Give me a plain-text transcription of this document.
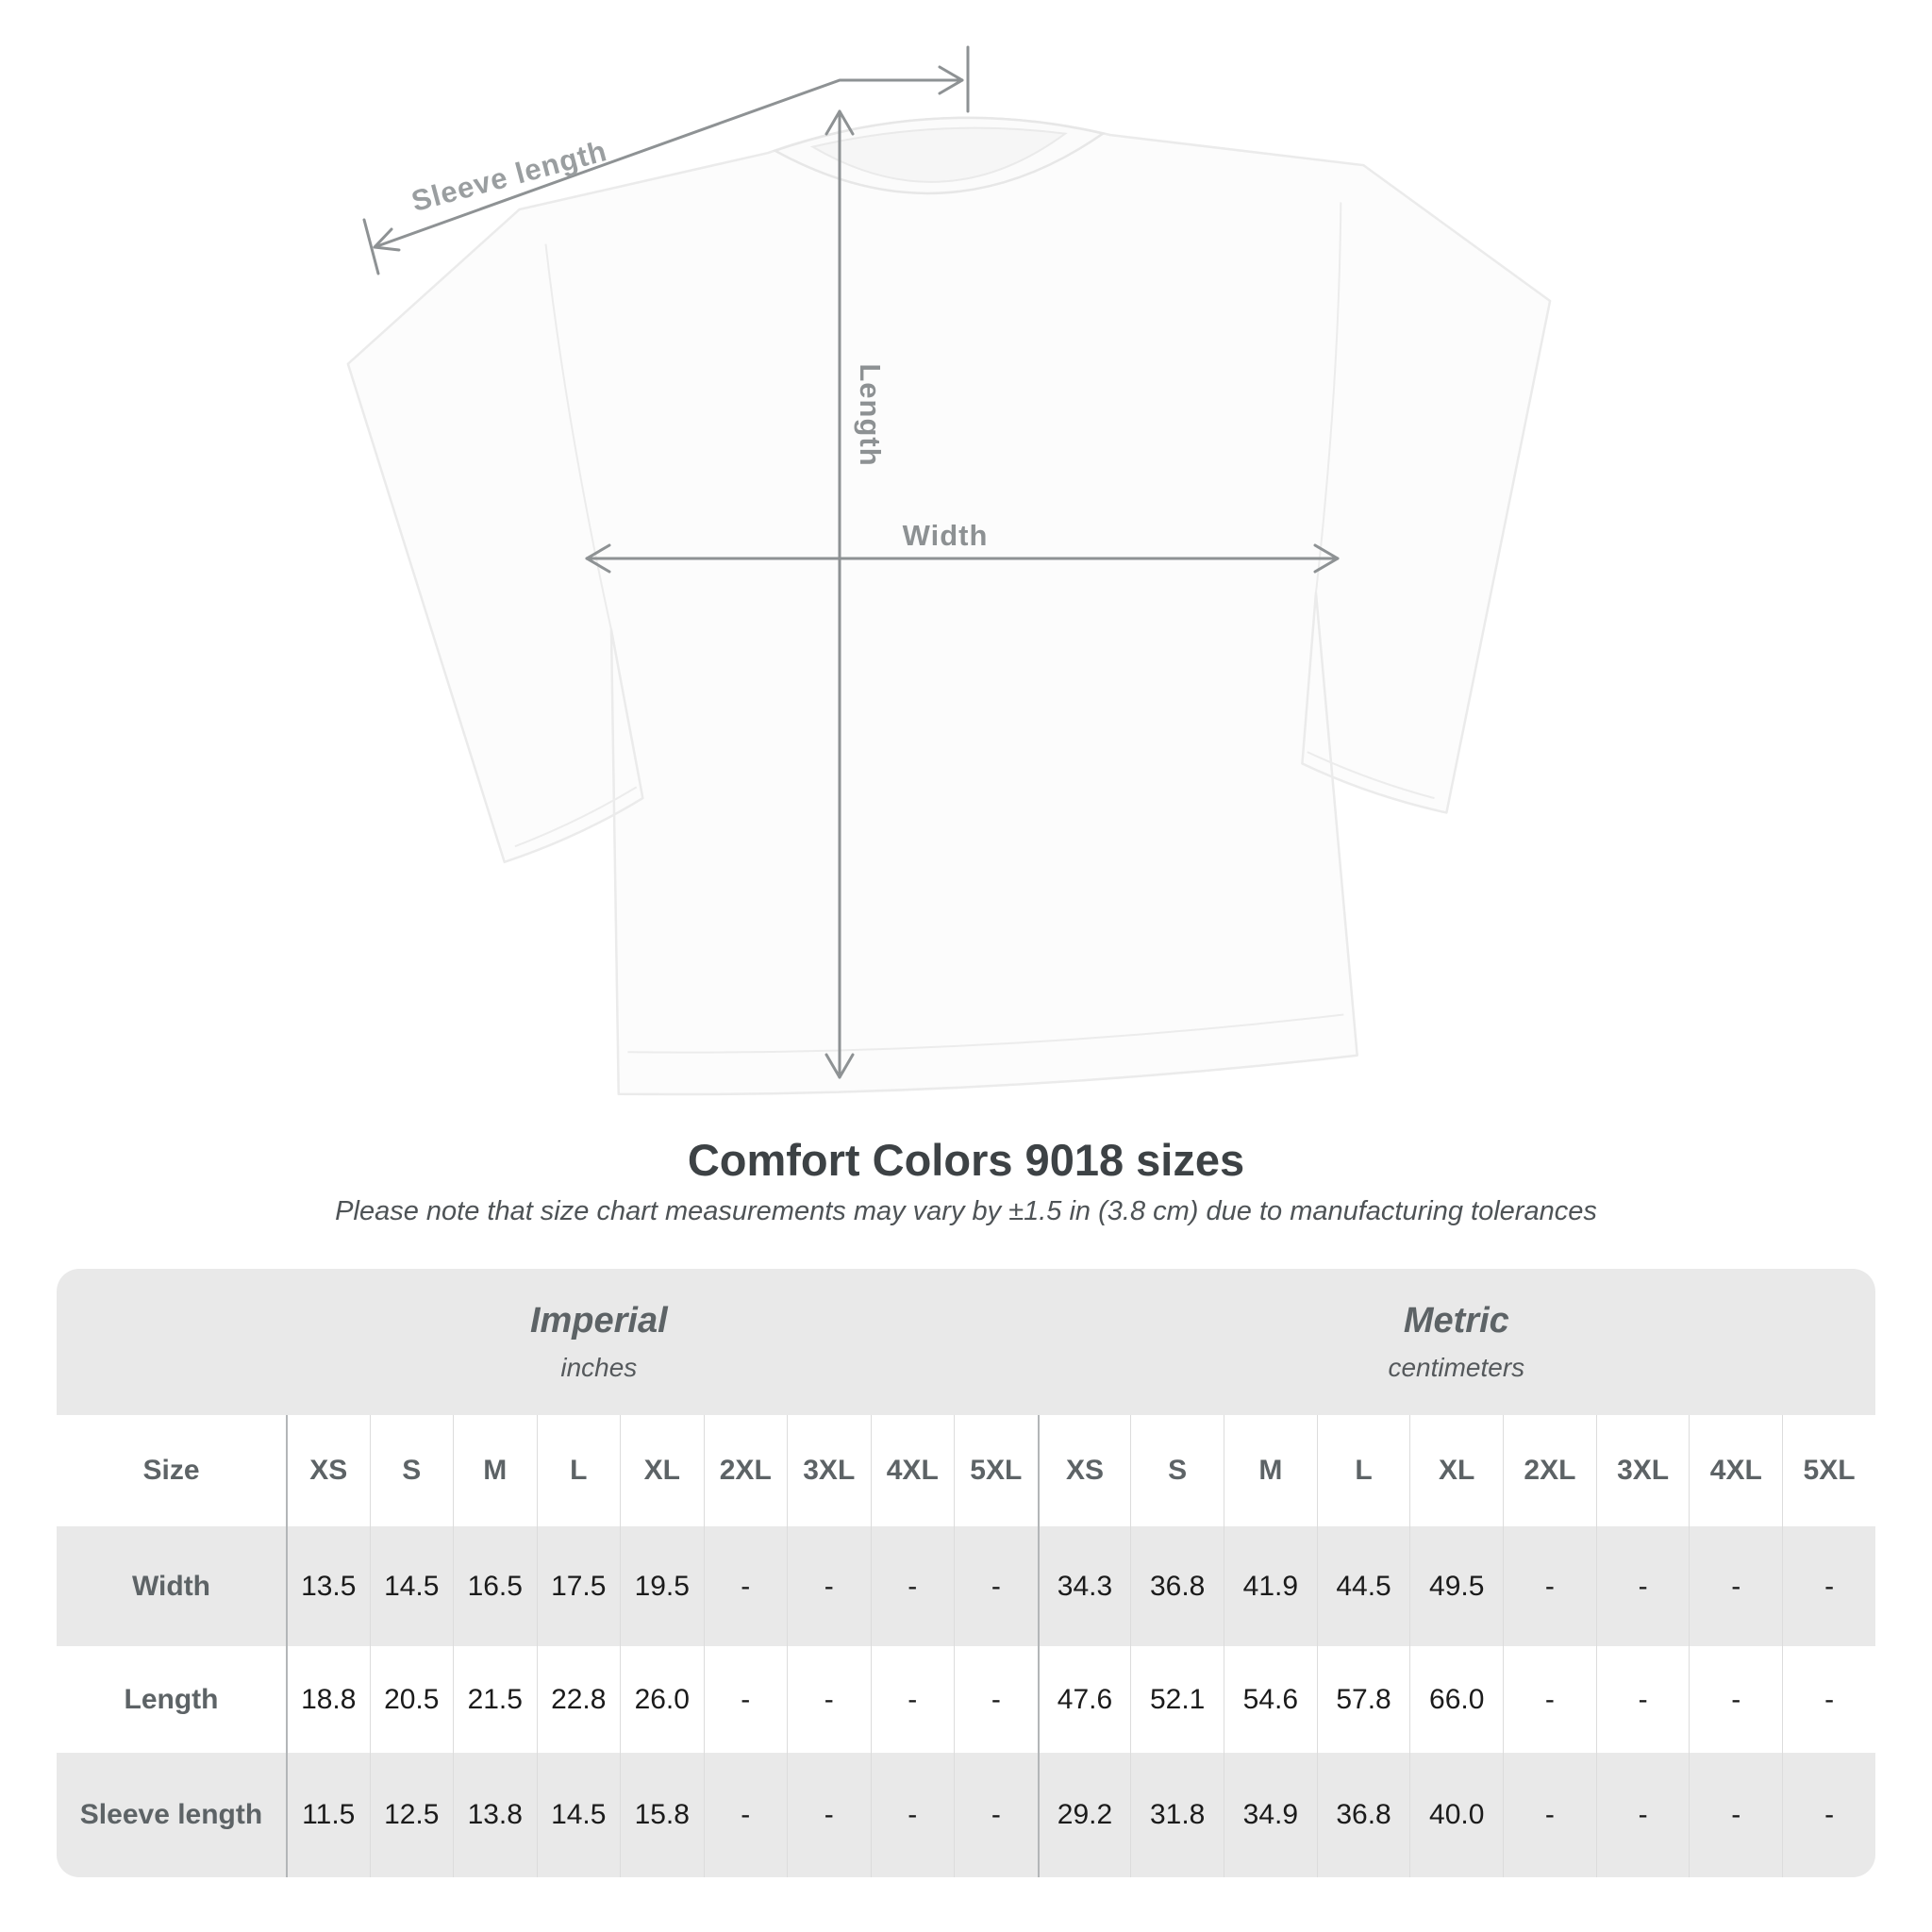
Sleeve length
Length
Width
Comfort Colors 9018 sizes
Please note that size chart measurements may vary by ±1.5 in (3.8 cm) due to manufacturing tolerances
Imperial
inches

Metric
centimeters

Size	XS	S	M	L	XL	2XL	3XL	4XL	5XL	XS	S	M	L	XL	2XL	3XL	4XL	5XL
Width	13.5	14.5	16.5	17.5	19.5	-	-	-	-	34.3	36.8	41.9	44.5	49.5	-	-	-	-
Length	18.8	20.5	21.5	22.8	26.0	-	-	-	-	47.6	52.1	54.6	57.8	66.0	-	-	-	-
Sleeve length	11.5	12.5	13.8	14.5	15.8	-	-	-	-	29.2	31.8	34.9	36.8	40.0	-	-	-	-
